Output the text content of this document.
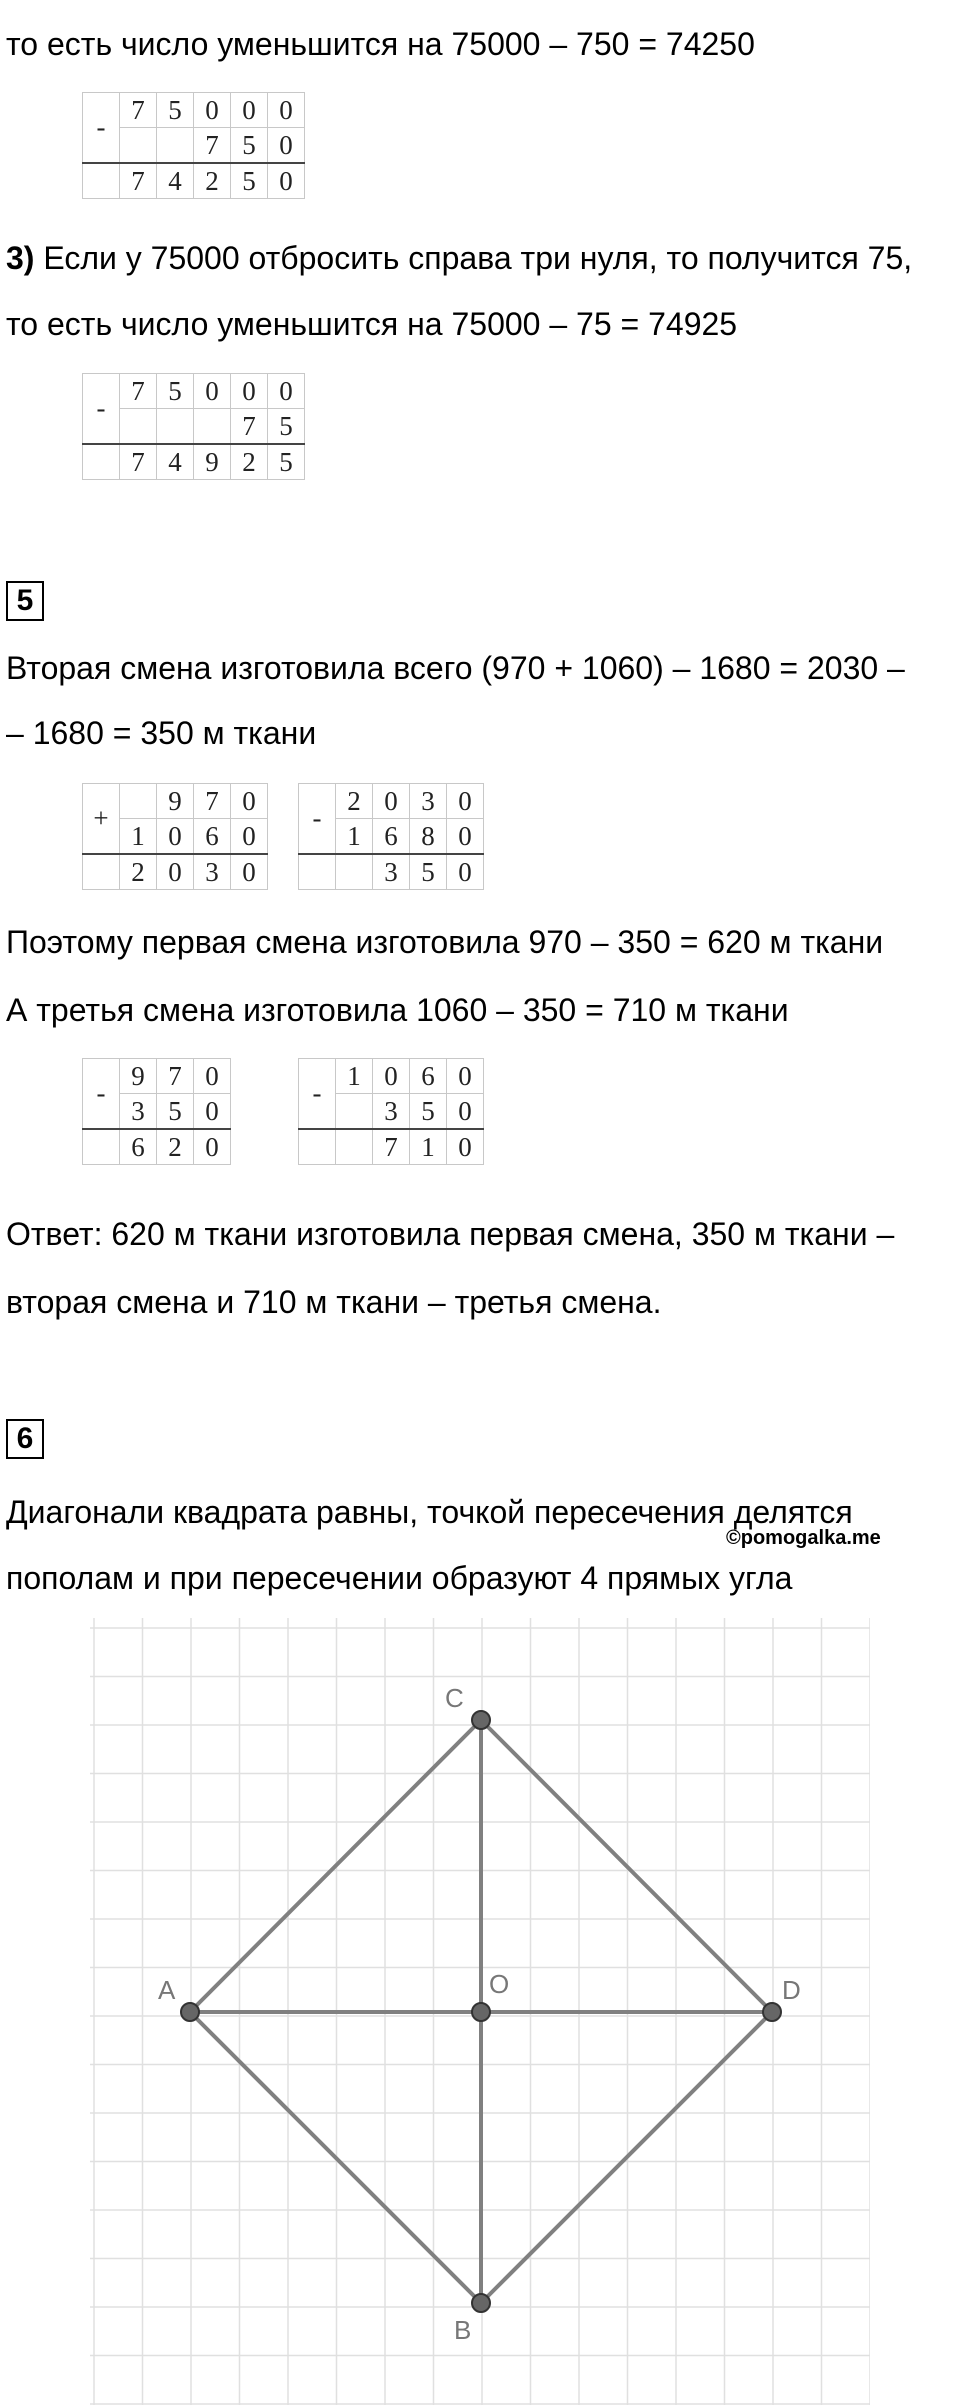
то есть число уменьшится на 75000 – 750 = 74250
-	7	5	0	0	0
			7	5	0
	7	4	2	5	0
3) Если у 75000 отбросить справа три нуля, то получится 75,
то есть число уменьшится на 75000 – 75 = 74925
-	7	5	0	0	0
				7	5
	7	4	9	2	5
5
Вторая смена изготовила всего (970 + 1060) – 1680 = 2030 –
– 1680 = 350 м ткани
+		9	7	0
	1	0	6	0
	2	0	3	0
-	2	0	3	0
	1	6	8	0
		3	5	0
Поэтому первая смена изготовила 970 – 350 = 620 м ткани
А третья смена изготовила 1060 – 350 = 710 м ткани
-	9	7	0
	3	5	0
	6	2	0
-	1	0	6	0
		3	5	0
		7	1	0
Ответ: 620 м ткани изготовила первая смена, 350 м ткани –
вторая смена и 710 м ткани – третья смена.
6
Диагонали квадрата равны, точкой пересечения делятся
©pomogalka.me
пополам и при пересечении образуют 4 прямых угла
A
C
D
B
O
